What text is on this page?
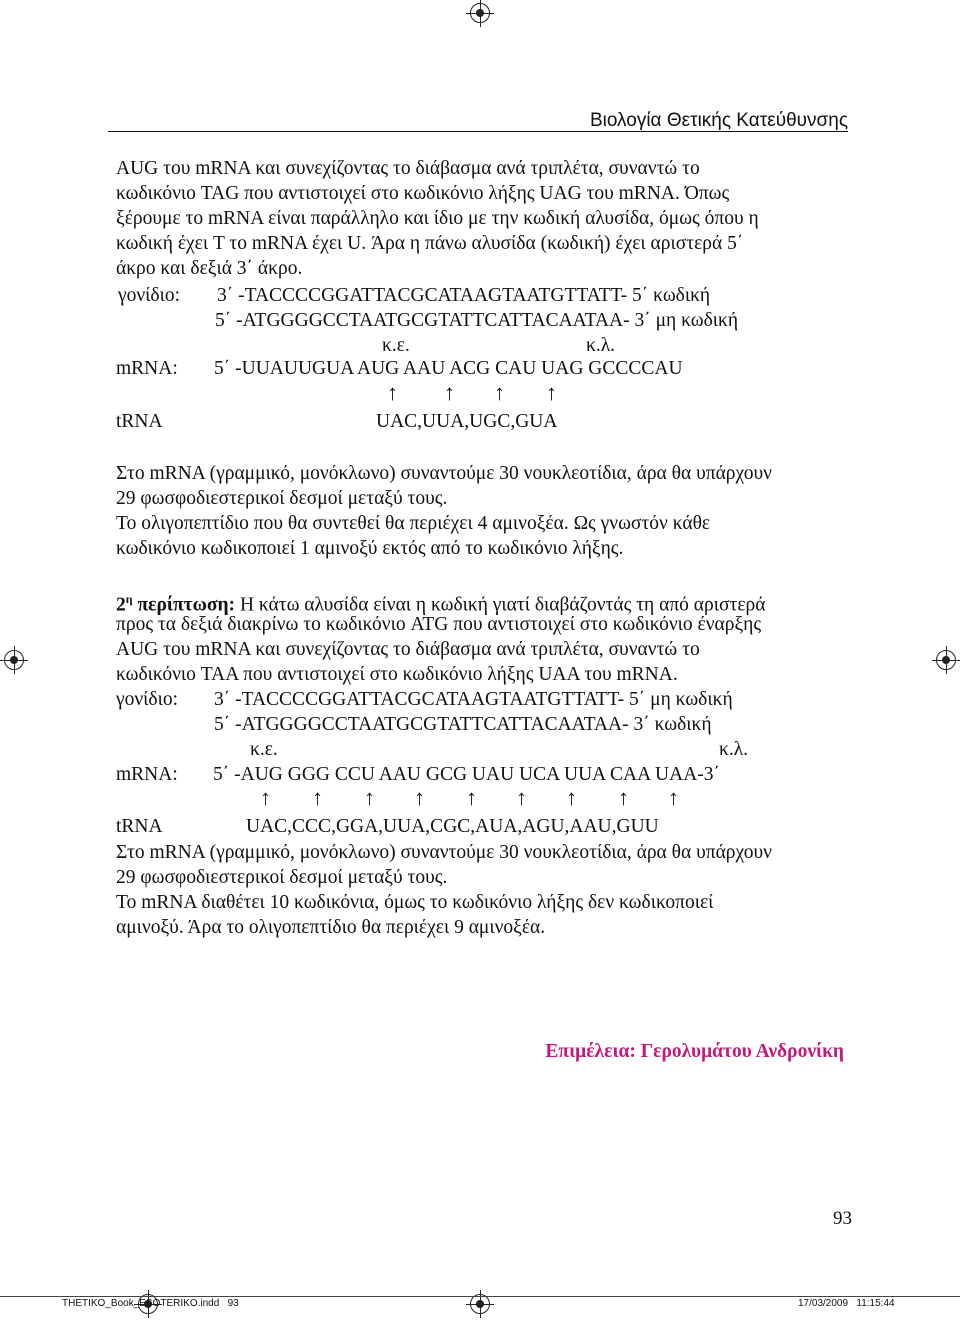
Βιολογία Θετικής Κατεύθυνσης
AUG του mRNA και συνεχίζοντας το διάβασμα ανά τριπλέτα, συναντώ το
κωδικόνιο TAG που αντιστοιχεί στο κωδικόνιο λήξης UAG του mRNA. Όπως
ξέρουμε το mRNA είναι παράλληλο και ίδιο με την κωδική αλυσίδα, όμως όπου η
κωδική έχει T το mRNA έχει U. Άρα η πάνω αλυσίδα (κωδική) έχει αριστερά 5΄
άκρο και δεξιά 3΄ άκρο.
γονίδιο: 3΄ -TACCCCGGATTACGCATAAGTAATGTTATT- 5΄ κωδική
5΄ -ATGGGGCCTAATGCGTATTCATTACAATAA- 3΄ μη κωδική
κ.ε.	κ.λ.
mRNA: 5΄ -UUAUUGUA AUG AAU ACG CAU UAG GCCCCAU
↑ ↑ ↑ ↑
tRNA	UAC,UUA,UGC,GUA
Στο mRNA (γραμμικό, μονόκλωνο) συναντούμε 30 νουκλεοτίδια, άρα θα υπάρχουν
29 φωσφοδιεστερικοί δεσμοί μεταξύ τους.
Το ολιγοπεπτίδιο που θα συντεθεί θα περιέχει 4 αμινοξέα. Ως γνωστόν κάθε
κωδικόνιο κωδικοποιεί 1 αμινοξύ εκτός από το κωδικόνιο λήξης.
$2^\eta$ περίπτωση: Η κάτω αλυσίδα είναι η κωδική γιατί διαβάζοντάς τη από αριστερά
προς τα δεξιά διακρίνω το κωδικόνιο ATG που αντιστοιχεί στο κωδικόνιο έναρξης
AUG του mRNA και συνεχίζοντας το διάβασμα ανά τριπλέτα, συναντώ το
κωδικόνιο TAA που αντιστοιχεί στο κωδικόνιο λήξης UAA του mRNA.
γονίδιο: 3΄ -TACCCCGGATTACGCATAAGTAATGTTATT- 5΄ μη κωδική
5΄ -ATGGGGCCTAATGCGTATTCATTACAATAA- 3΄ κωδική
κ.ε.	κ.λ.
mRNA: 5΄ -AUG GGG CCU AAU GCG UAU UCA UUA CAA UAA-3΄
↑ ↑ ↑ ↑ ↑ ↑ ↑ ↑ ↑
tRNA	UAC,CCC,GGA,UUA,CGC,AUA,AGU,AAU,GUU
Στο mRNA (γραμμικό, μονόκλωνο) συναντούμε 30 νουκλεοτίδια, άρα θα υπάρχουν
29 φωσφοδιεστερικοί δεσμοί μεταξύ τους.
Το mRNA διαθέτει 10 κωδικόνια, όμως το κωδικόνιο λήξης δεν κωδικοποιεί
αμινοξύ. Άρα το ολιγοπεπτίδιο θα περιέχει 9 αμινοξέα.
Επιμέλεια: Γερολυμάτου Ανδρονίκη
93
THETIKO_Book_ESOTERIKO.indd   93	17/03/2009   11:15:44
